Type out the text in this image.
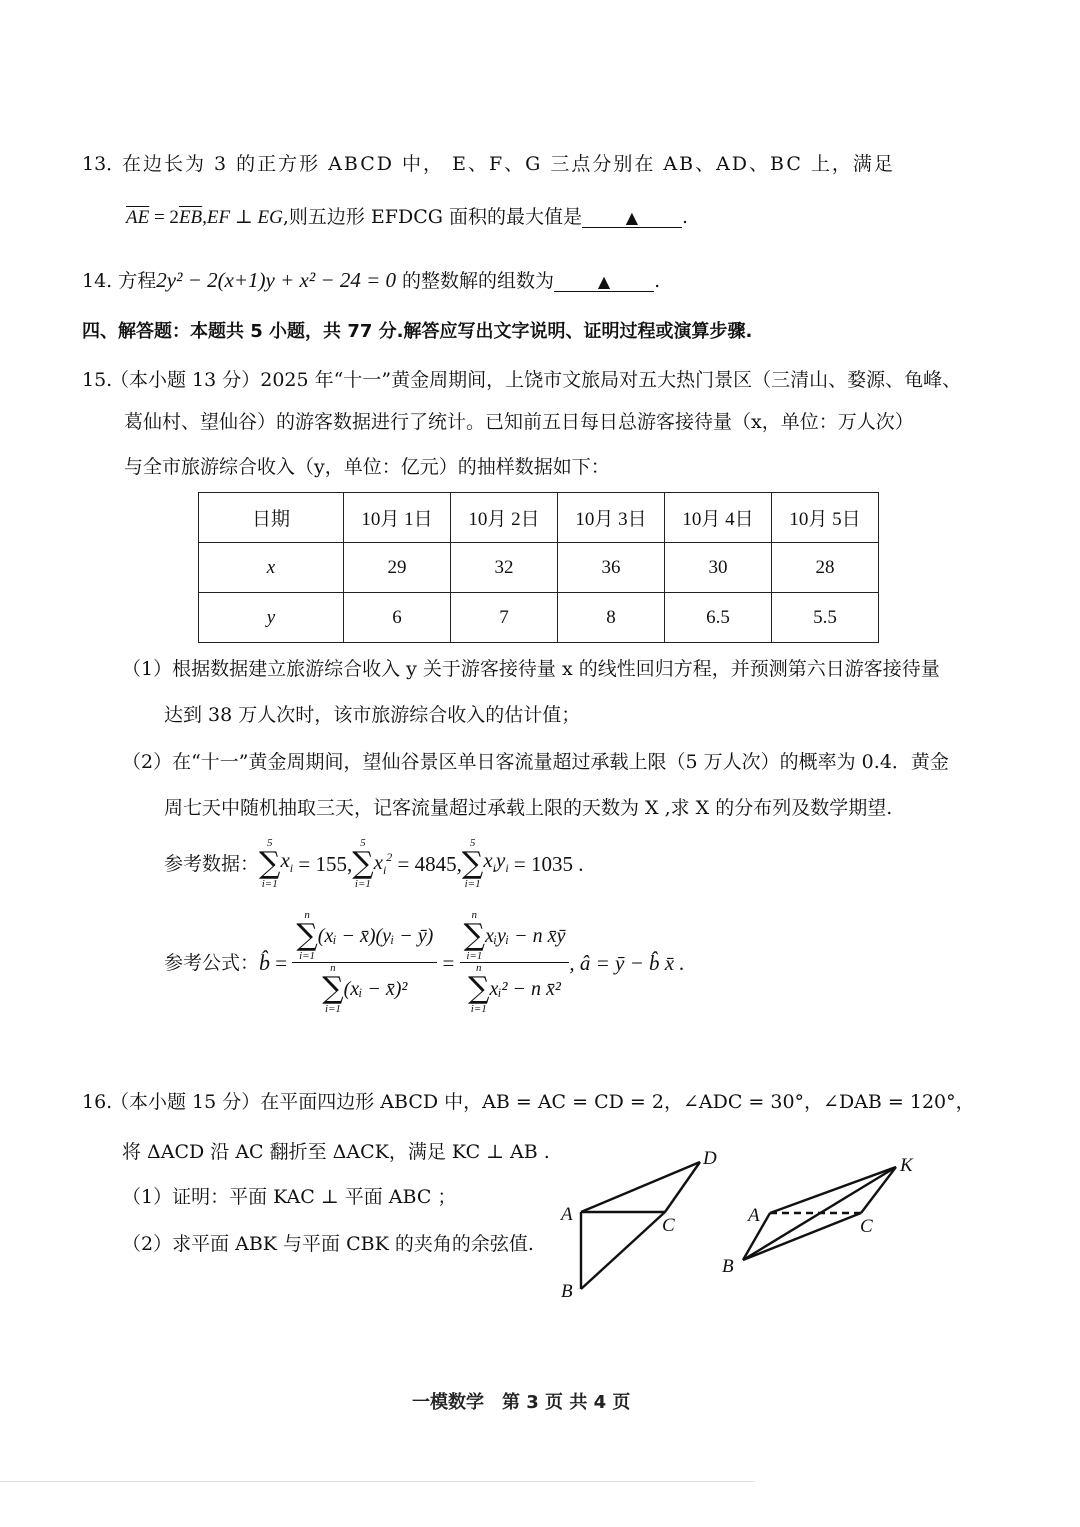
13．
在边长为 3 的正方形 ABCD 中， E、F、G 三点分别在 AB、AD、BC 上，满足
$\overline{AE} = 2\overline{EB},EF$ ⊥ EG,则五边形 EFDCG 面积的最大值是	▲ .
14. 方程2y² − 2(x+1)y + x² − 24 = 0 的整数解的组数为	▲ .
四、解答题：本题共 5 小题，共 77 分.解答应写出文字说明、证明过程或演算步骤.
15.
（本小题 13 分）2025 年“十一”黄金周期间，上饶市文旅局对五大热门景区（三清山、婺源、龟峰、
葛仙村、望仙谷）的游客数据进行了统计。已知前五日每日总游客接待量（x，单位：万人次）
与全市旅游综合收入（y，单位：亿元）的抽样数据如下：
日期	10月 1日	10月 2日	10月 3日	10月 4日	10月 5日
x	29	32	36	30	28
y	6	7	8	6.5	5.5
（1）根据数据建立旅游综合收入 y 关于游客接待量 x 的线性回归方程，并预测第六日游客接待量
达到 38 万人次时，该市旅游综合收入的估计值；
（2）在“十一”黄金周期间，望仙谷景区单日客流量超过承载上限（5 万人次）的概率为 0.4．黄金
周七天中随机抽取三天，记客流量超过承载上限的天数为 X ,求 X 的分布列及数学期望.
参考数据：
5
∑
i=1
$x_i = 155$ ,
5
∑
i=1
$x_i^2 = 4845$ ,
5
∑
i=1
$x_iy_i = 1035$ .
参考公式： b̂ = n
∑
i=1
(xᵢ − x̄)(yᵢ − ȳ)
n
∑
i=1
(xᵢ − x̄)² = n
∑
i=1
xᵢyᵢ − n x̄ȳ
n
∑
i=1
xᵢ² − n x̄² , â = ȳ − b̂ x̄ .
16.
（本小题 15 分）在平面四边形 ABCD 中，AB = AC = CD = 2，∠ADC = 30°，∠DAB = 120°，
将 ΔACD 沿 AC 翻折至 ΔACK，满足 KC ⊥ AB .
（1）证明：平面 KAC ⊥ 平面 ABC ；
（2）求平面 ABK 与平面 CBK 的夹角的余弦值.
D
A
C
B
K
A
C
B
一模数学　第 3 页 共 4 页
